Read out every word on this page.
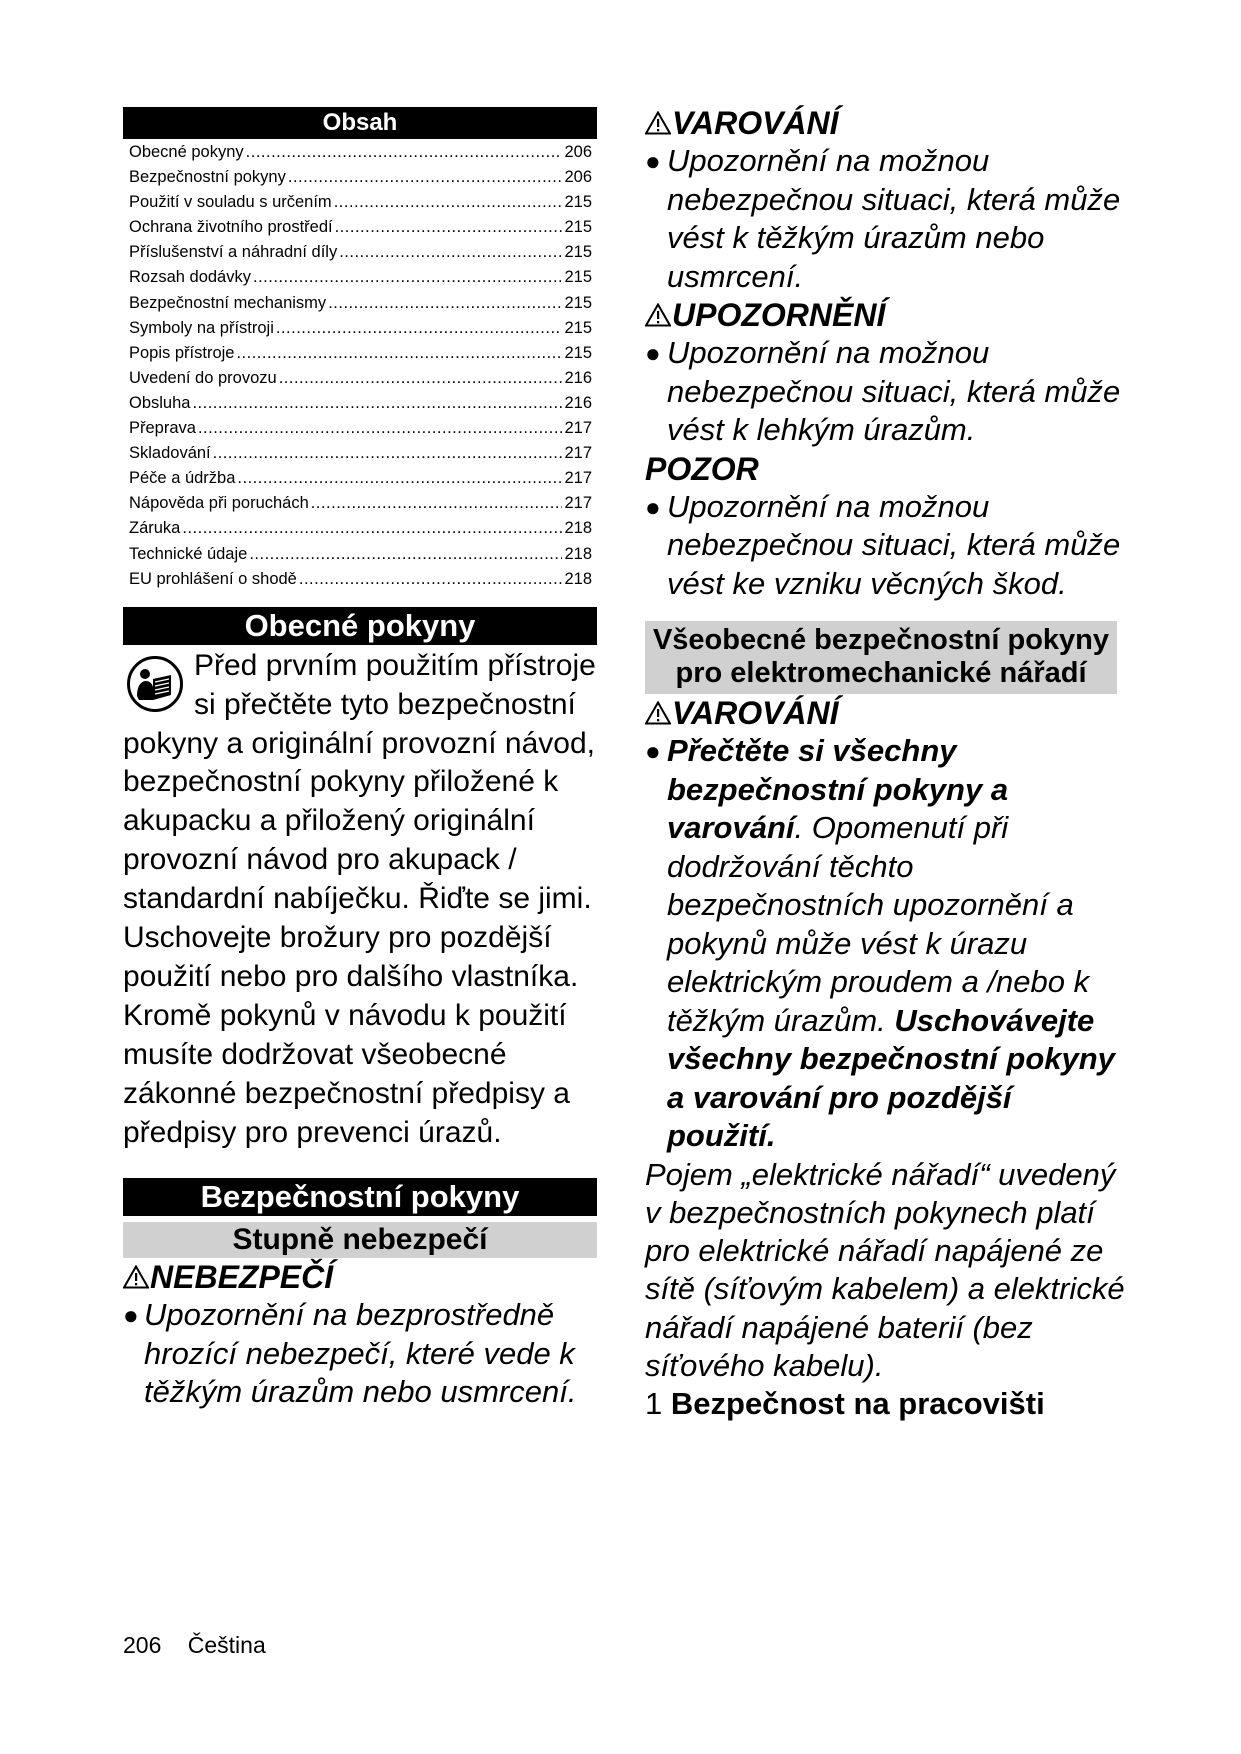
Obsah
Obecné pokyny .....	206
Bezpečnostní pokyny .....	206
Použití v souladu s určením .....	215
Ochrana životního prostředí .....	215
Příslušenství a náhradní díly .....	215
Rozsah dodávky .....	215
Bezpečnostní mechanismy .....	215
Symboly na přístroji .....	215
Popis přístroje .....	215
Uvedení do provozu .....	216
Obsluha .....	216
Přeprava .....	217
Skladování .....	217
Péče a údržba .....	217
Nápověda při poruchách .....	217
Záruka .....	218
Technické údaje .....	218
EU prohlášení o shodě .....	218
Obecné pokyny
Před prvním použitím přístroje si přečtěte tyto bezpečnostní pokyny a originální provozní návod, bezpečnostní pokyny přiložené k akupacku a přiložený originální provozní návod pro akupack / standardní nabíječku. Řiďte se jimi. Uschovejte brožury pro pozdější použití nebo pro dalšího vlastníka. Kromě pokynů v návodu k použití musíte dodržovat všeobecné zákonné bezpečnostní předpisy a předpisy pro prevenci úrazů.
Bezpečnostní pokyny
Stupně nebezpečí
NEBEZPEČÍ
● Upozornění na bezprostředně hrozící nebezpečí, které vede k těžkým úrazům nebo usmrcení.
VAROVÁNÍ
● Upozornění na možnou nebezpečnou situaci, která může vést k těžkým úrazům nebo usmrcení.
UPOZORNĚNÍ
● Upozornění na možnou nebezpečnou situaci, která může vést k lehkým úrazům.
POZOR
● Upozornění na možnou nebezpečnou situaci, která může vést ke vzniku věcných škod.
Všeobecné bezpečnostní pokyny pro elektromechanické nářadí
VAROVÁNÍ
● Přečtěte si všechny bezpečnostní pokyny a varování. Opomenutí při dodržování těchto bezpečnostních upozornění a pokynů může vést k úrazu elektrickým proudem a /nebo k těžkým úrazům. Uschovávejte všechny bezpečnostní pokyny a varování pro pozdější použití.
Pojem „elektrické nářadí“ uvedený v bezpečnostních pokynech platí pro elektrické nářadí napájené ze sítě (síťovým kabelem) a elektrické nářadí napájené baterií (bez síťového kabelu).
1 Bezpečnost na pracovišti
206 Čeština
